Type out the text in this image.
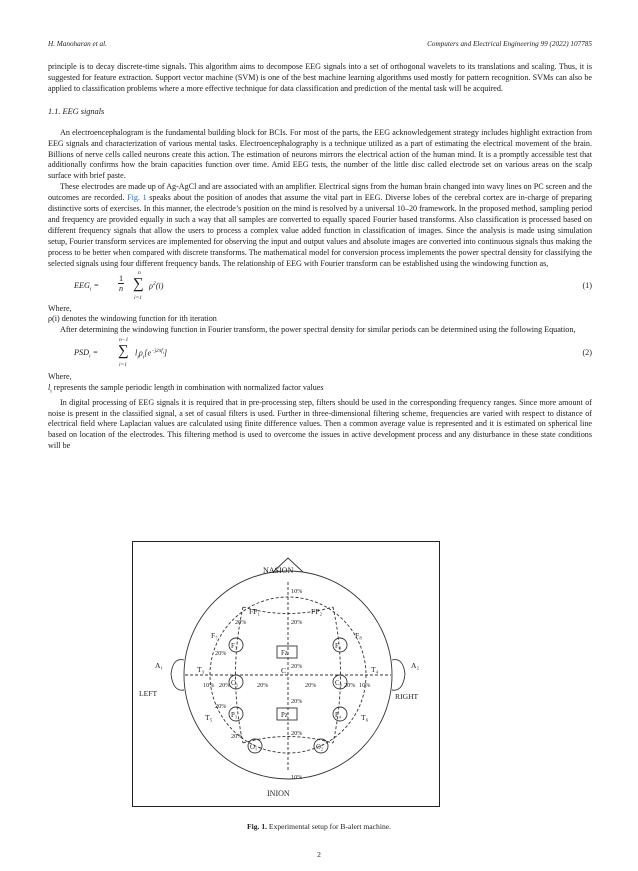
H. Manoharan et al.	Computers and Electrical Engineering 99 (2022) 107785

principle is to decay discrete-time signals. This algorithm aims to decompose EEG signals into a set of orthogonal wavelets to its translations and scaling. Thus, it is suggested for feature extraction. Support vector machine (SVM) is one of the best machine learning algorithms used mostly for pattern recognition. SVMs can also be applied to classification problems where a more effective technique for data classification and prediction of the mental task will be acquired.

1.1. EEG signals

An electroencephalogram is the fundamental building block for BCIs. For most of the parts, the EEG acknowledgement strategy includes highlight extraction from EEG signals and characterization of various mental tasks. Electroencephalography is a technique utilized as a part of estimating the electrical movement of the brain. Billions of nerve cells called neurons create this action. The estimation of neurons mirrors the electrical action of the human mind. It is a promptly accessible test that additionally confirms how the brain capacities function over time. Amid EEG tests, the number of the little disc called electrode set on various areas on the scalp surface with brief paste.

These electrodes are made up of Ag-AgCl and are associated with an amplifier. Electrical signs from the human brain changed into wavy lines on PC screen and the outcomes are recorded. Fig. 1 speaks about the position of anodes that assume the vital part in EEG. Diverse lobes of the cerebral cortex are in-charge of preparing distinctive sorts of exercises. In this manner, the electrode’s position on the mind is resolved by a universal 10–20 framework. In the proposed method, sampling period and frequency are provided equally in such a way that all samples are converted to equally spaced Fourier based transforms. Also classification is processed based on different frequency signals that allow the users to process a complex value added function in classification of images. Since the analysis is made using simulation setup, Fourier transform services are implemented for observing the input and output values and absolute images are converted into continuous signals thus making the process to be better when compared with discrete transforms. The mathematical model for conversion process implements the power spectral density for classifying the selected signals using four different frequency bands. The relationship of EEG with Fourier transform can be established using the windowing function as,

$EEG_i = \frac{1}{n}$
n
∑
i=1
$\rho^2(i)$	(1)

Where,

ρ(i) denotes the windowing function for ith iteration

After determining the windowing function in Fourier transform, the power spectral density for similar periods can be determined using the following Equation,

$PSD_i$ =
n−1
∑
i=1
$l_i\rho_i[e^{-j2\pi f_i}]$	(2)

Where,

$l_i$ represents the sample periodic length in combination with normalized factor values

In digital processing of EEG signals it is required that in pre-processing step, filters should be used in the corresponding frequency ranges. Since more amount of noise is present in the classified signal, a set of casual filters is used. Further in three-dimensional filtering scheme, frequencies are varied with respect to distance of electrical field where Laplacian values are calculated using finite difference values. Then a common average value is represented and it is estimated on spherical line based on location of the electrodes. This filtering method is used to overcome the issues in active development process and any disturbance in these state conditions will be

NASION
INION
LEFT	RIGHT
A₁	A₂
FP₁	FP₂
F₇	F₈
F₃	F₄
Fz
T₃	T₄
C₃	C₄
C
T₅	T₆
P₃	P₄
Pz
O₁	O₂
10%
10%
10%	10%
20%
20%
20%
20%
20%	20%	20%	20%
20%
20%
20%
20%
Fig. 1. Experimental setup for B-alert machine.
2
